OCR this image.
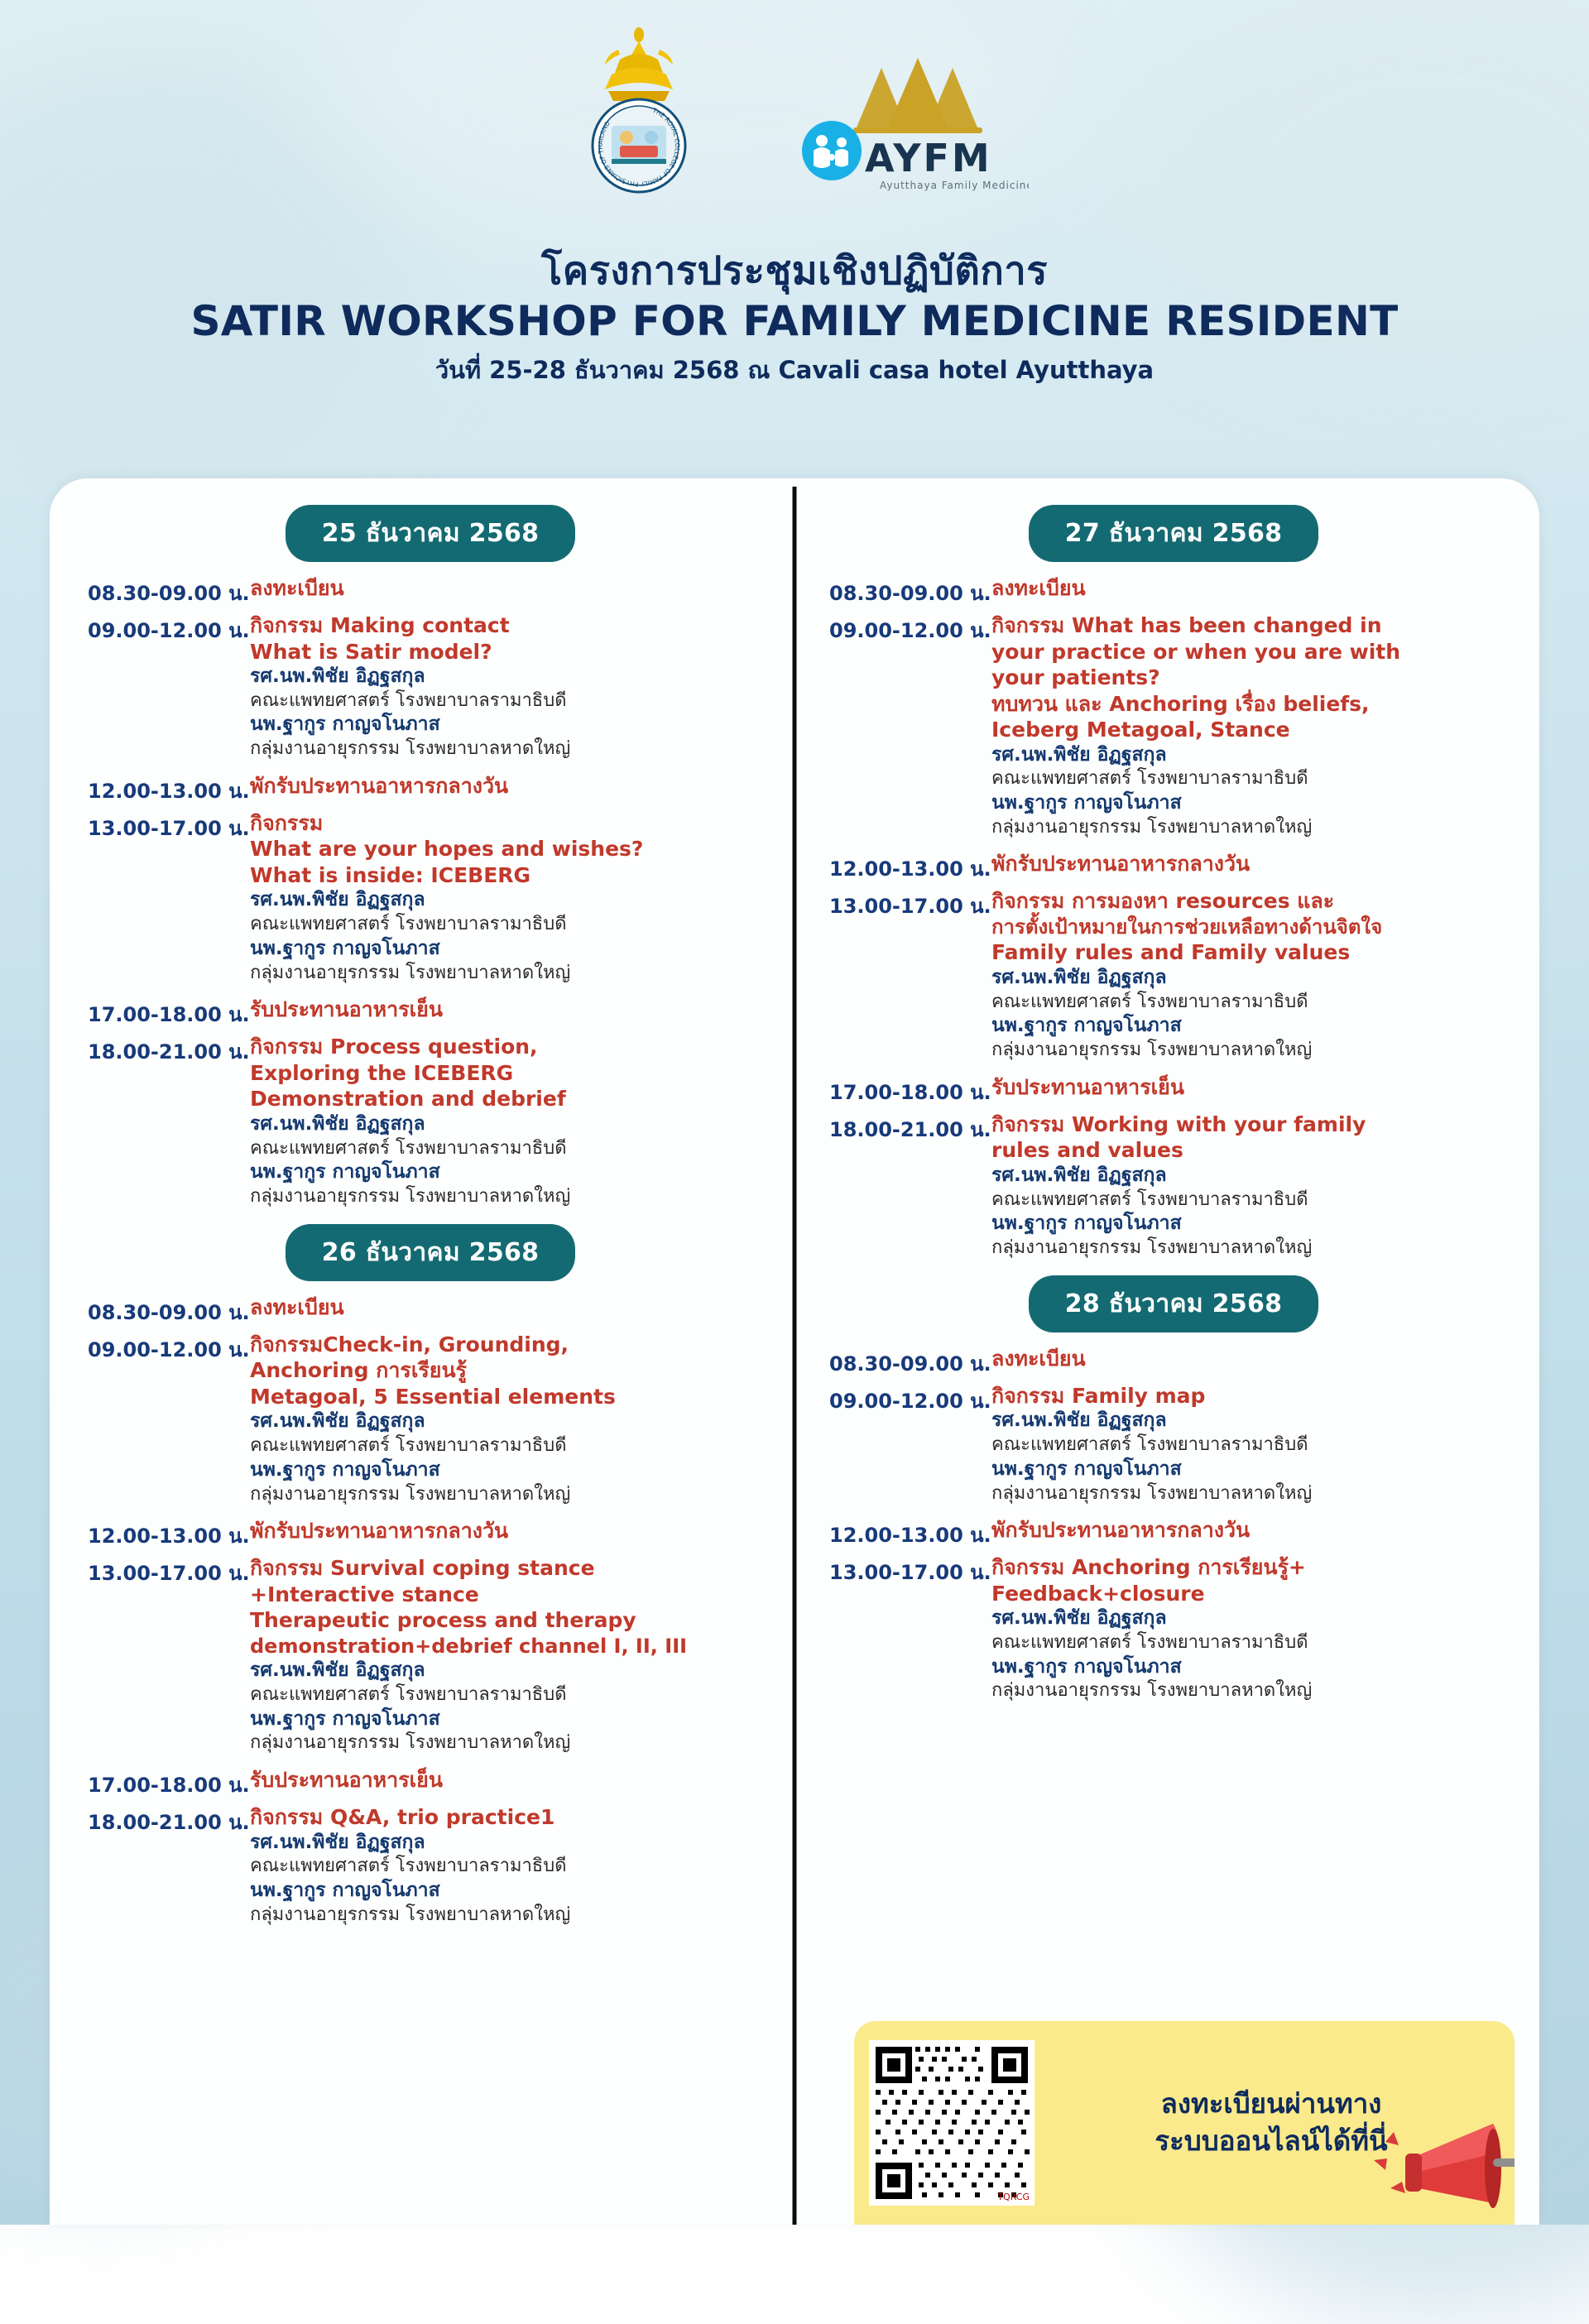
THE ROYAL COLLEGE OF FAMILY PHYSICIANS OF THAILAND
AYFM
Ayutthaya Family Medicine
โครงการประชุมเชิงปฏิบัติการ
SATIR WORKSHOP FOR FAMILY MEDICINE RESIDENT
วันที่ 25-28 ธันวาคม 2568 ณ Cavali casa hotel Ayutthaya
25 ธันวาคม 2568
08.30-09.00 น. ลงทะเบียน
09.00-12.00 น. กิจกรรม Making contact
What is Satir model?
รศ.นพ.พิชัย อิฏฐสกุล
คณะแพทยศาสตร์ โรงพยาบาลรามาธิบดี
นพ.ฐากูร กาญจโนภาส
กลุ่มงานอายุรกรรม โรงพยาบาลหาดใหญ่
12.00-13.00 น. พักรับประทานอาหารกลางวัน
13.00-17.00 น. กิจกรรม
What are your hopes and wishes?
What is inside: ICEBERG
รศ.นพ.พิชัย อิฏฐสกุล
คณะแพทยศาสตร์ โรงพยาบาลรามาธิบดี
นพ.ฐากูร กาญจโนภาส
กลุ่มงานอายุรกรรม โรงพยาบาลหาดใหญ่
17.00-18.00 น. รับประทานอาหารเย็น
18.00-21.00 น. กิจกรรม Process question,
Exploring the ICEBERG
Demonstration and debrief
รศ.นพ.พิชัย อิฏฐสกุล
คณะแพทยศาสตร์ โรงพยาบาลรามาธิบดี
นพ.ฐากูร กาญจโนภาส
กลุ่มงานอายุรกรรม โรงพยาบาลหาดใหญ่
26 ธันวาคม 2568
08.30-09.00 น. ลงทะเบียน
09.00-12.00 น. กิจกรรมCheck-in, Grounding,
Anchoring การเรียนรู้
Metagoal, 5 Essential elements
รศ.นพ.พิชัย อิฏฐสกุล
คณะแพทยศาสตร์ โรงพยาบาลรามาธิบดี
นพ.ฐากูร กาญจโนภาส
กลุ่มงานอายุรกรรม โรงพยาบาลหาดใหญ่
12.00-13.00 น. พักรับประทานอาหารกลางวัน
13.00-17.00 น. กิจกรรม Survival coping stance
+Interactive stance
Therapeutic process and therapy
demonstration+debrief channel I, II, III
รศ.นพ.พิชัย อิฏฐสกุล
คณะแพทยศาสตร์ โรงพยาบาลรามาธิบดี
นพ.ฐากูร กาญจโนภาส
กลุ่มงานอายุรกรรม โรงพยาบาลหาดใหญ่
17.00-18.00 น. รับประทานอาหารเย็น
18.00-21.00 น. กิจกรรม Q&A, trio practice1
รศ.นพ.พิชัย อิฏฐสกุล
คณะแพทยศาสตร์ โรงพยาบาลรามาธิบดี
นพ.ฐากูร กาญจโนภาส
กลุ่มงานอายุรกรรม โรงพยาบาลหาดใหญ่
27 ธันวาคม 2568
08.30-09.00 น. ลงทะเบียน
09.00-12.00 น. กิจกรรม What has been changed in
your practice or when you are with
your patients?
ทบทวน และ Anchoring เรื่อง beliefs,
Iceberg Metagoal, Stance
รศ.นพ.พิชัย อิฏฐสกุล
คณะแพทยศาสตร์ โรงพยาบาลรามาธิบดี
นพ.ฐากูร กาญจโนภาส
กลุ่มงานอายุรกรรม โรงพยาบาลหาดใหญ่
12.00-13.00 น. พักรับประทานอาหารกลางวัน
13.00-17.00 น. กิจกรรม การมองหา resources และ
การตั้งเป้าหมายในการช่วยเหลือทางด้านจิตใจ
Family rules and Family values
รศ.นพ.พิชัย อิฏฐสกุล
คณะแพทยศาสตร์ โรงพยาบาลรามาธิบดี
นพ.ฐากูร กาญจโนภาส
กลุ่มงานอายุรกรรม โรงพยาบาลหาดใหญ่
17.00-18.00 น. รับประทานอาหารเย็น
18.00-21.00 น. กิจกรรม Working with your family
rules and values
รศ.นพ.พิชัย อิฏฐสกุล
คณะแพทยศาสตร์ โรงพยาบาลรามาธิบดี
นพ.ฐากูร กาญจโนภาส
กลุ่มงานอายุรกรรม โรงพยาบาลหาดใหญ่
28 ธันวาคม 2568
08.30-09.00 น. ลงทะเบียน
09.00-12.00 น. กิจกรรม Family map
รศ.นพ.พิชัย อิฏฐสกุล
คณะแพทยศาสตร์ โรงพยาบาลรามาธิบดี
นพ.ฐากูร กาญจโนภาส
กลุ่มงานอายุรกรรม โรงพยาบาลหาดใหญ่
12.00-13.00 น. พักรับประทานอาหารกลางวัน
13.00-17.00 น. กิจกรรม Anchoring การเรียนรู้+
Feedback+closure
รศ.นพ.พิชัย อิฏฐสกุล
คณะแพทยศาสตร์ โรงพยาบาลรามาธิบดี
นพ.ฐากูร กาญจโนภาส
กลุ่มงานอายุรกรรม โรงพยาบาลหาดใหญ่
TQRCG
ลงทะเบียนผ่านทาง
ระบบออนไลน์ได้ที่นี่
